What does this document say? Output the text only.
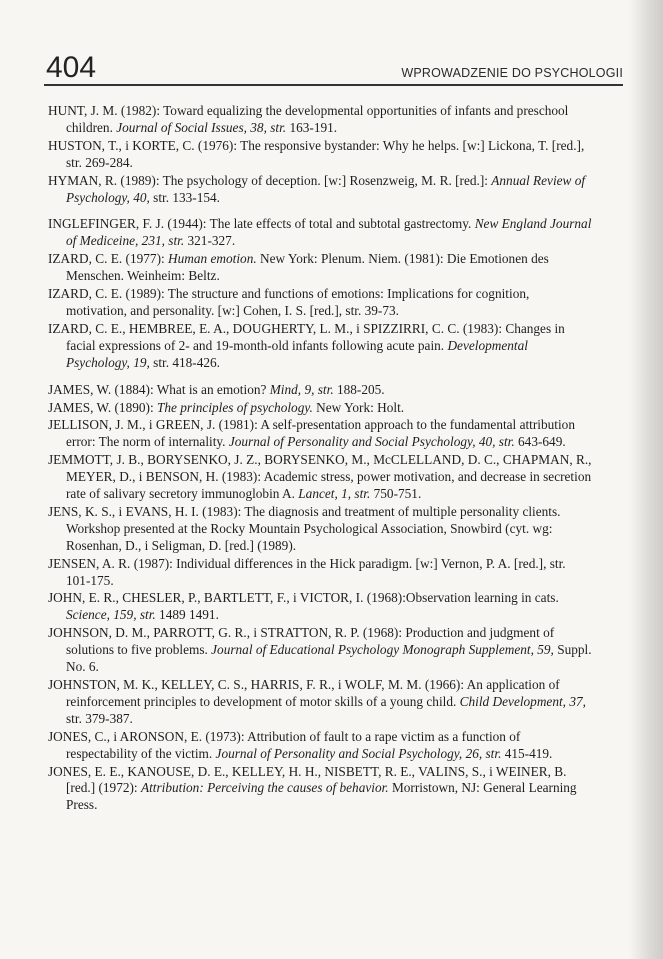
404	WPROWADZENIE DO PSYCHOLOGII
HUNT, J. M. (1982): Toward equalizing the developmental opportunities of infants and preschool children. Journal of Social Issues, 38, str. 163-191.
HUSTON, T., i KORTE, C. (1976): The responsive bystander: Why he helps. [w:] Lickona, T. [red.], str. 269-284.
HYMAN, R. (1989): The psychology of deception. [w:] Rosenzweig, M. R. [red.]: Annual Review of Psychology, 40, str. 133-154.
INGLEFINGER, F. J. (1944): The late effects of total and subtotal gastrectomy. New England Journal of Mediceine, 231, str. 321-327.
IZARD, C. E. (1977): Human emotion. New York: Plenum. Niem. (1981): Die Emotionen des Menschen. Weinheim: Beltz.
IZARD, C. E. (1989): The structure and functions of emotions: Implications for cognition, motivation, and personality. [w:] Cohen, I. S. [red.], str. 39-73.
IZARD, C. E., HEMBREE, E. A., DOUGHERTY, L. M., i SPIZZIRRI, C. C. (1983): Changes in facial expressions of 2- and 19-month-old infants following acute pain. Developmental Psychology, 19, str. 418-426.
JAMES, W. (1884): What is an emotion? Mind, 9, str. 188-205.
JAMES, W. (1890): The principles of psychology. New York: Holt.
JELLISON, J. M., i GREEN, J. (1981): A self-presentation approach to the fundamental attribution error: The norm of internality. Journal of Personality and Social Psychology, 40, str. 643-649.
JEMMOTT, J. B., BORYSENKO, J. Z., BORYSENKO, M., McCLELLAND, D. C., CHAPMAN, R., MEYER, D., i BENSON, H. (1983): Academic stress, power motivation, and decrease in secretion rate of salivary secretory immunoglobin A. Lancet, 1, str. 750-751.
JENS, K. S., i EVANS, H. I. (1983): The diagnosis and treatment of multiple personality clients. Workshop presented at the Rocky Mountain Psychological Association, Snowbird (cyt. wg: Rosenhan, D., i Seligman, D. [red.] (1989).
JENSEN, A. R. (1987): Individual differences in the Hick paradigm. [w:] Vernon, P. A. [red.], str. 101-175.
JOHN, E. R., CHESLER, P., BARTLETT, F., i VICTOR, I. (1968):Observation learning in cats. Science, 159, str. 1489 1491.
JOHNSON, D. M., PARROTT, G. R., i STRATTON, R. P. (1968): Production and judgment of solutions to five problems. Journal of Educational Psychology Monograph Supplement, 59, Suppl. No. 6.
JOHNSTON, M. K., KELLEY, C. S., HARRIS, F. R., i WOLF, M. M. (1966): An application of reinforcement principles to development of motor skills of a young child. Child Development, 37, str. 379-387.
JONES, C., i ARONSON, E. (1973): Attribution of fault to a rape victim as a function of respectability of the victim. Journal of Personality and Social Psychology, 26, str. 415-419.
JONES, E. E., KANOUSE, D. E., KELLEY, H. H., NISBETT, R. E., VALINS, S., i WEINER, B. [red.] (1972): Attribution: Perceiving the causes of behavior. Morristown, NJ: General Learning Press.
